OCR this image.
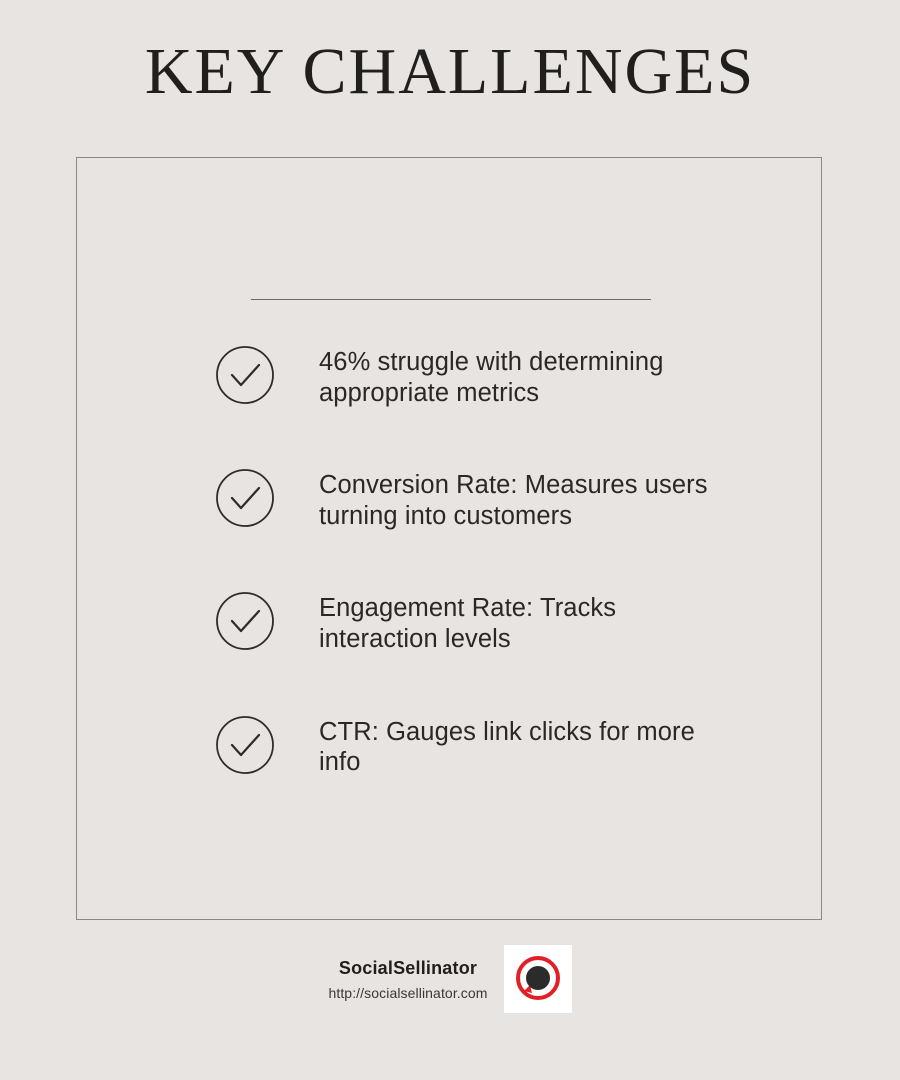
KEY CHALLENGES
46% struggle with determining appropriate metrics
Conversion Rate: Measures users turning into customers
Engagement Rate: Tracks interaction levels
CTR: Gauges link clicks for more info
SocialSellinator
http://socialsellinator.com
